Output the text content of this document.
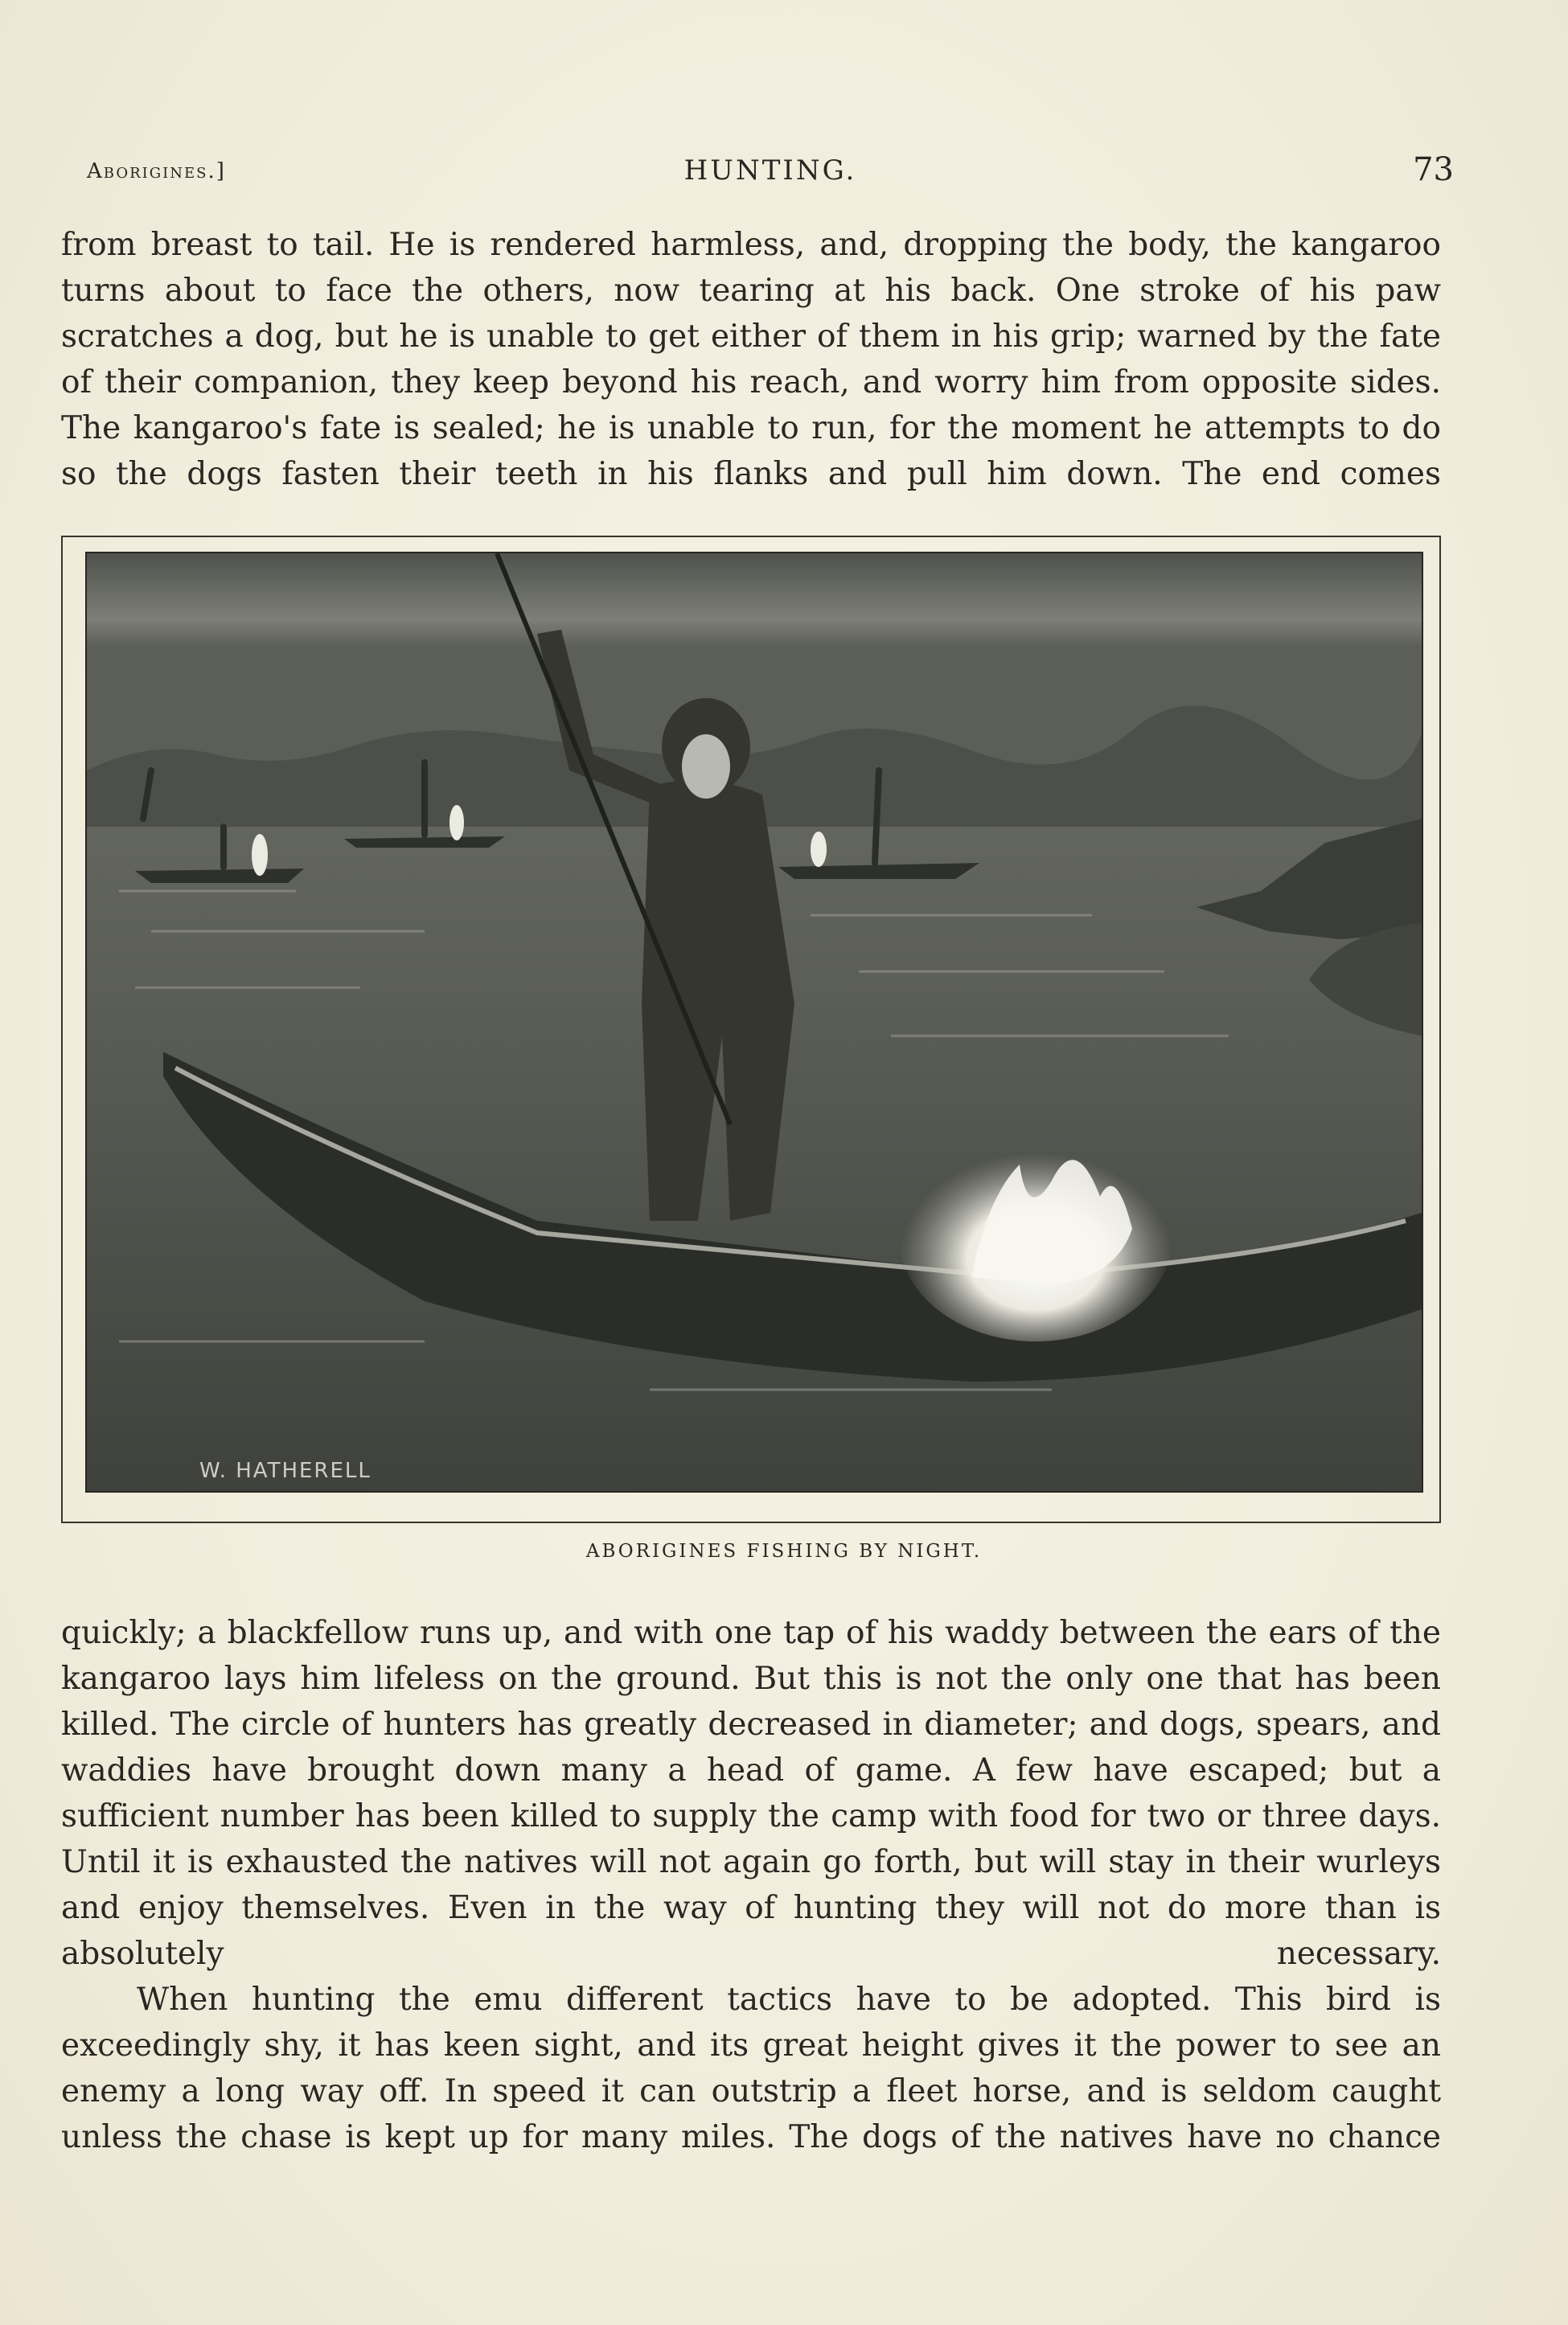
Aborigines.]	HUNTING.	73

from breast to tail. He is rendered harmless, and, dropping the body, the kangaroo turns about to face the others, now tearing at his back. One stroke of his paw scratches a dog, but he is unable to get either of them in his grip; warned by the fate of their companion, they keep beyond his reach, and worry him from opposite sides. The kangaroo's fate is sealed; he is unable to run, for the moment he attempts to do so the dogs fasten their teeth in his flanks and pull him down. The end comes

W. HATHERELL
ABORIGINES FISHING BY NIGHT.

quickly; a blackfellow runs up, and with one tap of his waddy between the ears of the kangaroo lays him lifeless on the ground. But this is not the only one that has been killed. The circle of hunters has greatly decreased in diameter; and dogs, spears, and waddies have brought down many a head of game. A few have escaped; but a sufficient number has been killed to supply the camp with food for two or three days. Until it is exhausted the natives will not again go forth, but will stay in their wurleys and enjoy themselves. Even in the way of hunting they will not do more than is absolutely necessary.

When hunting the emu different tactics have to be adopted. This bird is exceedingly shy, it has keen sight, and its great height gives it the power to see an enemy a long way off. In speed it can outstrip a fleet horse, and is seldom caught unless the chase is kept up for many miles. The dogs of the natives have no chance
